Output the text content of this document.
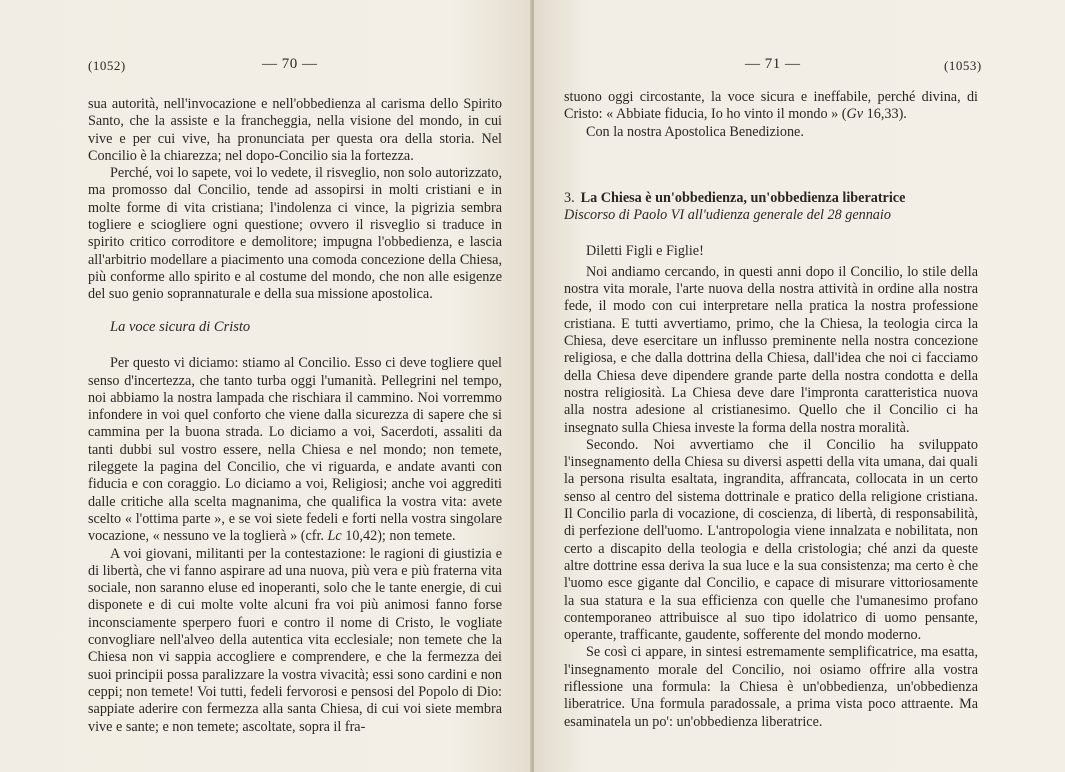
(1052)	— 70 —

sua autorità, nell'invocazione e nell'obbedienza al carisma dello Spirito Santo, che la assiste e la francheggia, nella visione del mondo, in cui vive e per cui vive, ha pronunciata per questa ora della storia. Nel Concilio è la chiarezza; nel dopo-Concilio sia la fortezza.

Perché, voi lo sapete, voi lo vedete, il risveglio, non solo autorizzato, ma promosso dal Concilio, tende ad assopirsi in molti cristiani e in molte forme di vita cristiana; l'indolenza ci vince, la pigrizia sembra togliere e sciogliere ogni questione; ovvero il risveglio si traduce in spirito critico corroditore e demolitore; impugna l'obbedienza, e lascia all'arbitrio modellare a piacimento una comoda concezione della Chiesa, più conforme allo spirito e al costume del mondo, che non alle esigenze del suo genio soprannaturale e della sua missione apostolica.

La voce sicura di Cristo

Per questo vi diciamo: stiamo al Concilio. Esso ci deve togliere quel senso d'incertezza, che tanto turba oggi l'umanità. Pellegrini nel tempo, noi abbiamo la nostra lampada che rischiara il cammino. Noi vorremmo infondere in voi quel conforto che viene dalla sicurezza di sapere che si cammina per la buona strada. Lo diciamo a voi, Sacerdoti, assaliti da tanti dubbi sul vostro essere, nella Chiesa e nel mondo; non temete, rileggete la pagina del Concilio, che vi riguarda, e andate avanti con fiducia e con coraggio. Lo diciamo a voi, Religiosi; anche voi aggrediti dalle critiche alla scelta magnanima, che qualifica la vostra vita: avete scelto « l'ottima parte », e se voi siete fedeli e forti nella vostra singolare vocazione, « nessuno ve la toglierà » (cfr. Lc 10,42); non temete.

A voi giovani, militanti per la contestazione: le ragioni di giustizia e di libertà, che vi fanno aspirare ad una nuova, più vera e più fraterna vita sociale, non saranno eluse ed inoperanti, solo che le tante energie, di cui disponete e di cui molte volte alcuni fra voi più animosi fanno forse inconsciamente sperpero fuori e contro il nome di Cristo, le vogliate convogliare nell'alveo della autentica vita ecclesiale; non temete che la Chiesa non vi sappia accogliere e comprendere, e che la fermezza dei suoi principii possa paralizzare la vostra vivacità; essi sono cardini e non ceppi; non temete! Voi tutti, fedeli fervorosi e pensosi del Popolo di Dio: sappiate aderire con fermezza alla santa Chiesa, di cui voi siete membra vive e sante; e non temete; ascoltate, sopra il fra-

— 71 —	(1053)

stuono oggi circostante, la voce sicura e ineffabile, perché divina, di Cristo: « Abbiate fiducia, Io ho vinto il mondo » (Gv 16,33).

Con la nostra Apostolica Benedizione.

3. La Chiesa è un'obbedienza, un'obbedienza liberatrice

Discorso di Paolo VI all'udienza generale del 28 gennaio

Diletti Figli e Figlie!

Noi andiamo cercando, in questi anni dopo il Concilio, lo stile della nostra vita morale, l'arte nuova della nostra attività in ordine alla nostra fede, il modo con cui interpretare nella pratica la nostra professione cristiana. E tutti avvertiamo, primo, che la Chiesa, la teologia circa la Chiesa, deve esercitare un influsso preminente nella nostra concezione religiosa, e che dalla dottrina della Chiesa, dall'idea che noi ci facciamo della Chiesa deve dipendere grande parte della nostra condotta e della nostra religiosità. La Chiesa deve dare l'impronta caratteristica nuova alla nostra adesione al cristianesimo. Quello che il Concilio ci ha insegnato sulla Chiesa investe la forma della nostra moralità.

Secondo. Noi avvertiamo che il Concilio ha sviluppato l'insegnamento della Chiesa su diversi aspetti della vita umana, dai quali la persona risulta esaltata, ingrandita, affrancata, collocata in un certo senso al centro del sistema dottrinale e pratico della religione cristiana. Il Concilio parla di vocazione, di coscienza, di libertà, di responsabilità, di perfezione dell'uomo. L'antropologia viene innalzata e nobilitata, non certo a discapito della teologia e della cristologia; ché anzi da queste altre dottrine essa deriva la sua luce e la sua consistenza; ma certo è che l'uomo esce gigante dal Concilio, e capace di misurare vittoriosamente la sua statura e la sua efficienza con quelle che l'umanesimo profano contemporaneo attribuisce al suo tipo idolatrico di uomo pensante, operante, trafficante, gaudente, sofferente del mondo moderno.

Se così ci appare, in sintesi estremamente semplificatrice, ma esatta, l'insegnamento morale del Concilio, noi osiamo offrire alla vostra riflessione una formula: la Chiesa è un'obbedienza, un'obbedienza liberatrice. Una formula paradossale, a prima vista poco attraente. Ma esaminatela un po': un'obbedienza liberatrice.
